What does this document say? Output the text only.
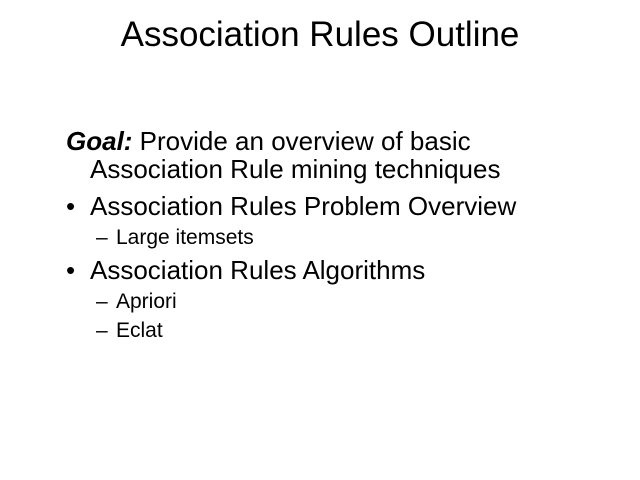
Association Rules Outline
Goal: Provide an overview of basic
Association Rule mining techniques
• Association Rules Problem Overview
– Large itemsets
• Association Rules Algorithms
– Apriori
– Eclat
